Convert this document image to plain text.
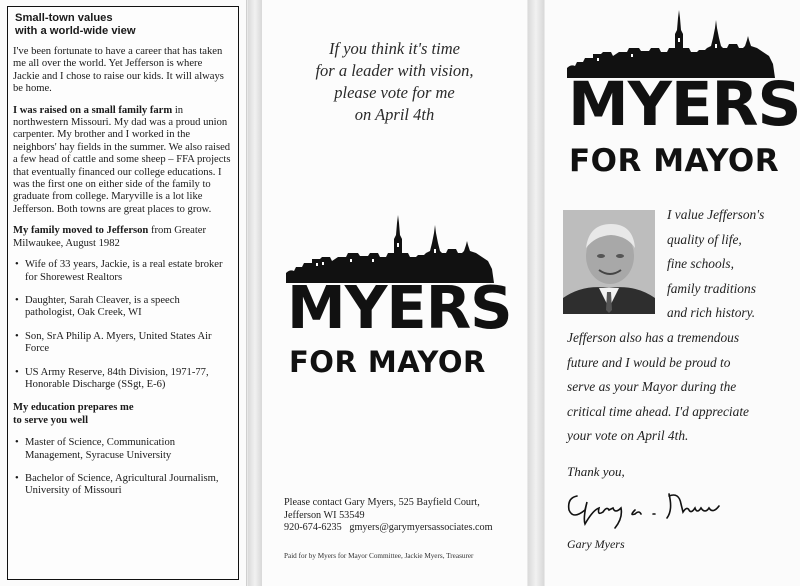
Small-town values
with a world-wide view

I've been fortunate to have a career that has taken me all over the world. Yet Jefferson is where Jackie and I chose to raise our kids. It will always be home.

I was raised on a small family farm in northwestern Missouri. My dad was a proud union carpenter. My brother and I worked in the neighbors' hay fields in the summer. We also raised a few head of cattle and some sheep – FFA projects that eventually financed our college educations. I was the first one on either side of the family to graduate from college. Maryville is a lot like Jefferson. Both towns are great places to grow.

My family moved to Jefferson from Greater Milwaukee, August 1982

• Wife of 33 years, Jackie, is a real estate broker for Shorewest Realtors
• Daughter, Sarah Cleaver, is a speech pathologist, Oak Creek, WI
• Son, SrA Philip A. Myers, United States Air Force
• US Army Reserve, 84th Division, 1971-77, Honorable Discharge (SSgt, E-6)

My education prepares me
to serve you well

• Master of Science, Communication Management, Syracuse University
• Bachelor of Science, Agricultural Journalism, University of Missouri
If you think it's time
for a leader with vision,
please vote for me
on April 4th
MYERS
FOR MAYOR
Please contact Gary Myers, 525 Bayfield Court,
Jefferson WI 53549
920-674-6235 gmyers@garymyersassociates.com
Paid for by Myers for Mayor Committee, Jackie Myers, Treasurer
MYERS
FOR MAYOR
I value Jefferson's
quality of life,
fine schools,
family traditions
and rich history.
Jefferson also has a tremendous
future and I would be proud to
serve as your Mayor during the
critical time ahead. I'd appreciate
your vote on April 4th.
Thank you,
Gary Myers
